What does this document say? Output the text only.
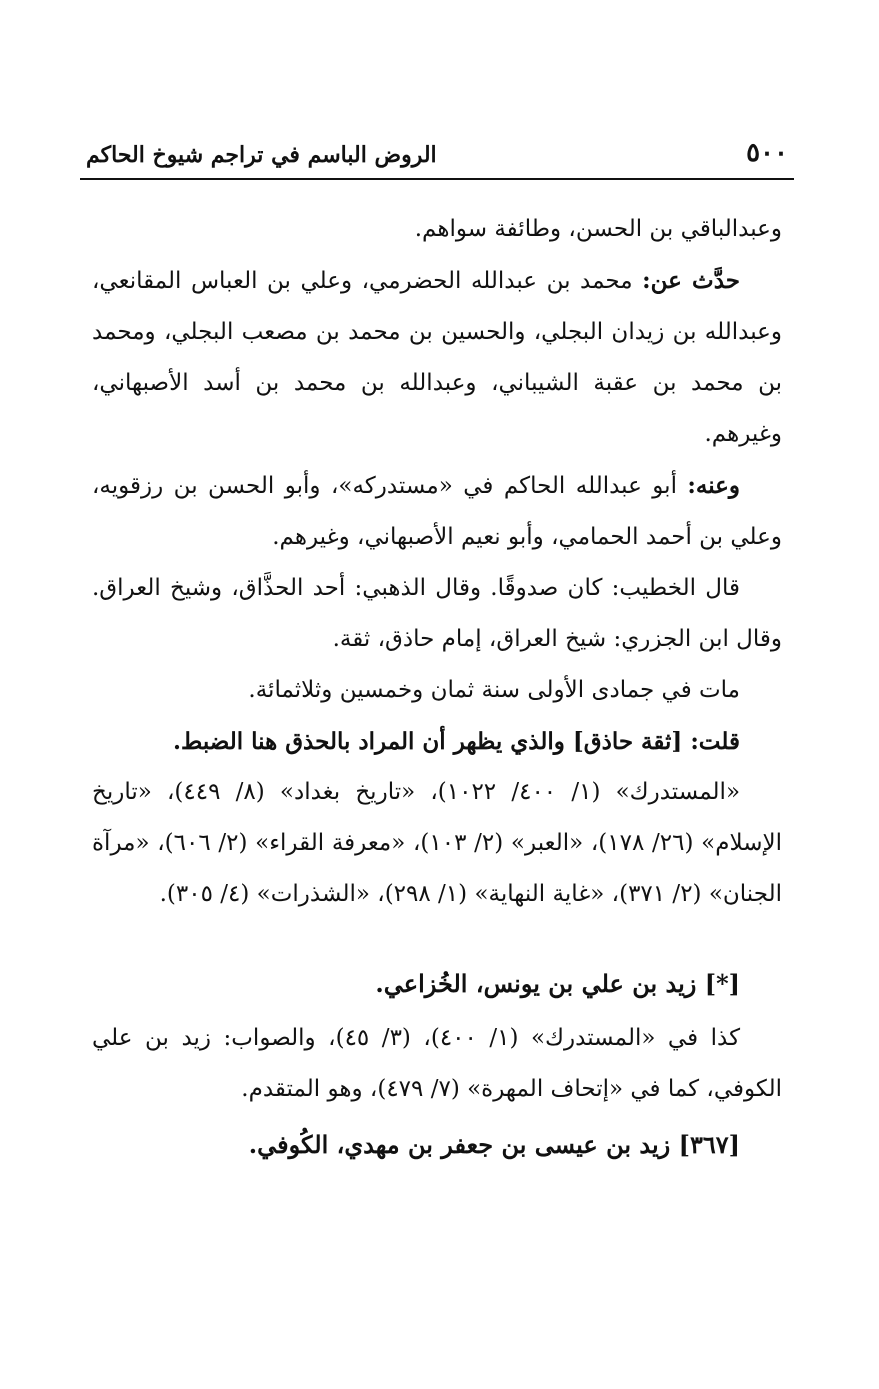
٥٠٠
الروض الباسم في تراجم شيوخ الحاكم

وعبدالباقي بن الحسن، وطائفة سواهم.

حدَّث عن: محمد بن عبدالله الحضرمي، وعلي بن العباس المقانعي، وعبدالله بن زيدان البجلي، والحسين بن محمد بن مصعب البجلي، ومحمد بن محمد بن عقبة الشيباني، وعبدالله بن محمد بن أسد الأصبهاني، وغيرهم.

وعنه: أبو عبدالله الحاكم في «مستدركه»، وأبو الحسن بن رزقويه، وعلي بن أحمد الحمامي، وأبو نعيم الأصبهاني، وغيرهم.

قال الخطيب: كان صدوقًا. وقال الذهبي: أحد الحذَّاق، وشيخ العراق. وقال ابن الجزري: شيخ العراق، إمام حاذق، ثقة.

مات في جمادى الأولى سنة ثمان وخمسين وثلاثمائة.

قلت: [ثقة حاذق] والذي يظهر أن المراد بالحذق هنا الضبط.

«المستدرك» (١/ ٤٠٠/ ١٠٢٢)، «تاريخ بغداد» (٨/ ٤٤٩)، «تاريخ الإسلام» (٢٦/ ١٧٨)، «العبر» (٢/ ١٠٣)، «معرفة القراء» (٢/ ٦٠٦)، «مرآة الجنان» (٢/ ٣٧١)، «غاية النهاية» (١/ ٢٩٨)، «الشذرات» (٤/ ٣٠٥).

[*] زيد بن علي بن يونس، الخُزاعي.

كذا في «المستدرك» (١/ ٤٠٠)، (٣/ ٤٥)، والصواب: زيد بن علي الكوفي، كما في «إتحاف المهرة» (٧/ ٤٧٩)، وهو المتقدم.

[٣٦٧] زيد بن عيسى بن جعفر بن مهدي، الكُوفي.
